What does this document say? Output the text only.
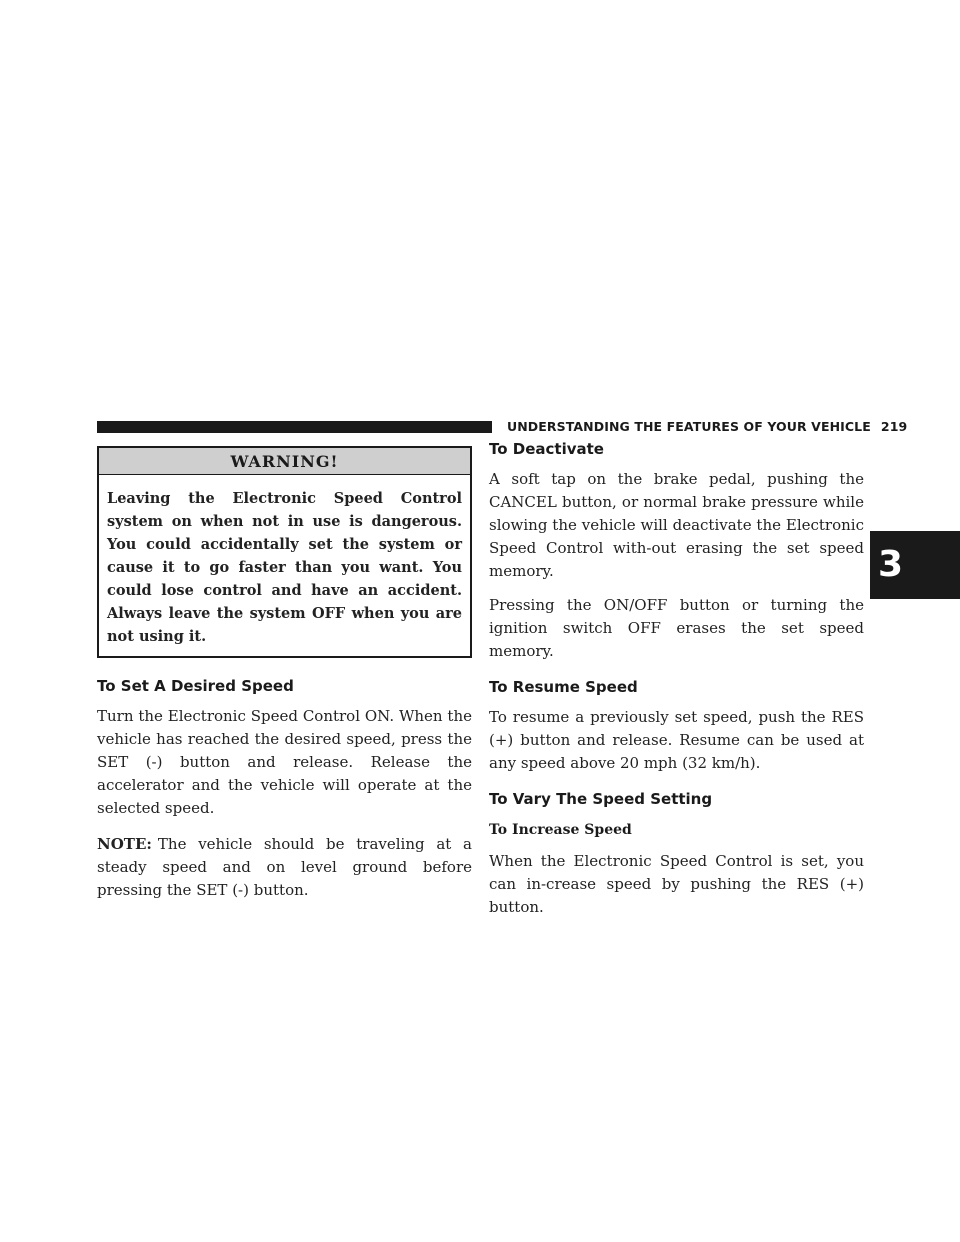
UNDERSTANDING THE FEATURES OF YOUR VEHICLE 219
3
WARNING!
Leaving the Electronic Speed Control system on when not in use is dangerous. You could accidentally set the system or cause it to go faster than you want. You could lose control and have an accident. Always leave the system OFF when you are not using it.
To Set A Desired Speed

Turn the Electronic Speed Control ON. When the vehicle has reached the desired speed, press the SET (-) button and release. Release the accelerator and the vehicle will operate at the selected speed.

NOTE: The vehicle should be traveling at a steady speed and on level ground before pressing the SET (-) button.

To Deactivate

A soft tap on the brake pedal, pushing the CANCEL button, or normal brake pressure while slowing the vehicle will deactivate the Electronic Speed Control with-out erasing the set speed memory.

Pressing the ON/OFF button or turning the ignition switch OFF erases the set speed memory.

To Resume Speed

To resume a previously set speed, push the RES (+) button and release. Resume can be used at any speed above 20 mph (32 km/h).

To Vary The Speed Setting
To Increase Speed

When the Electronic Speed Control is set, you can in-crease speed by pushing the RES (+) button.
